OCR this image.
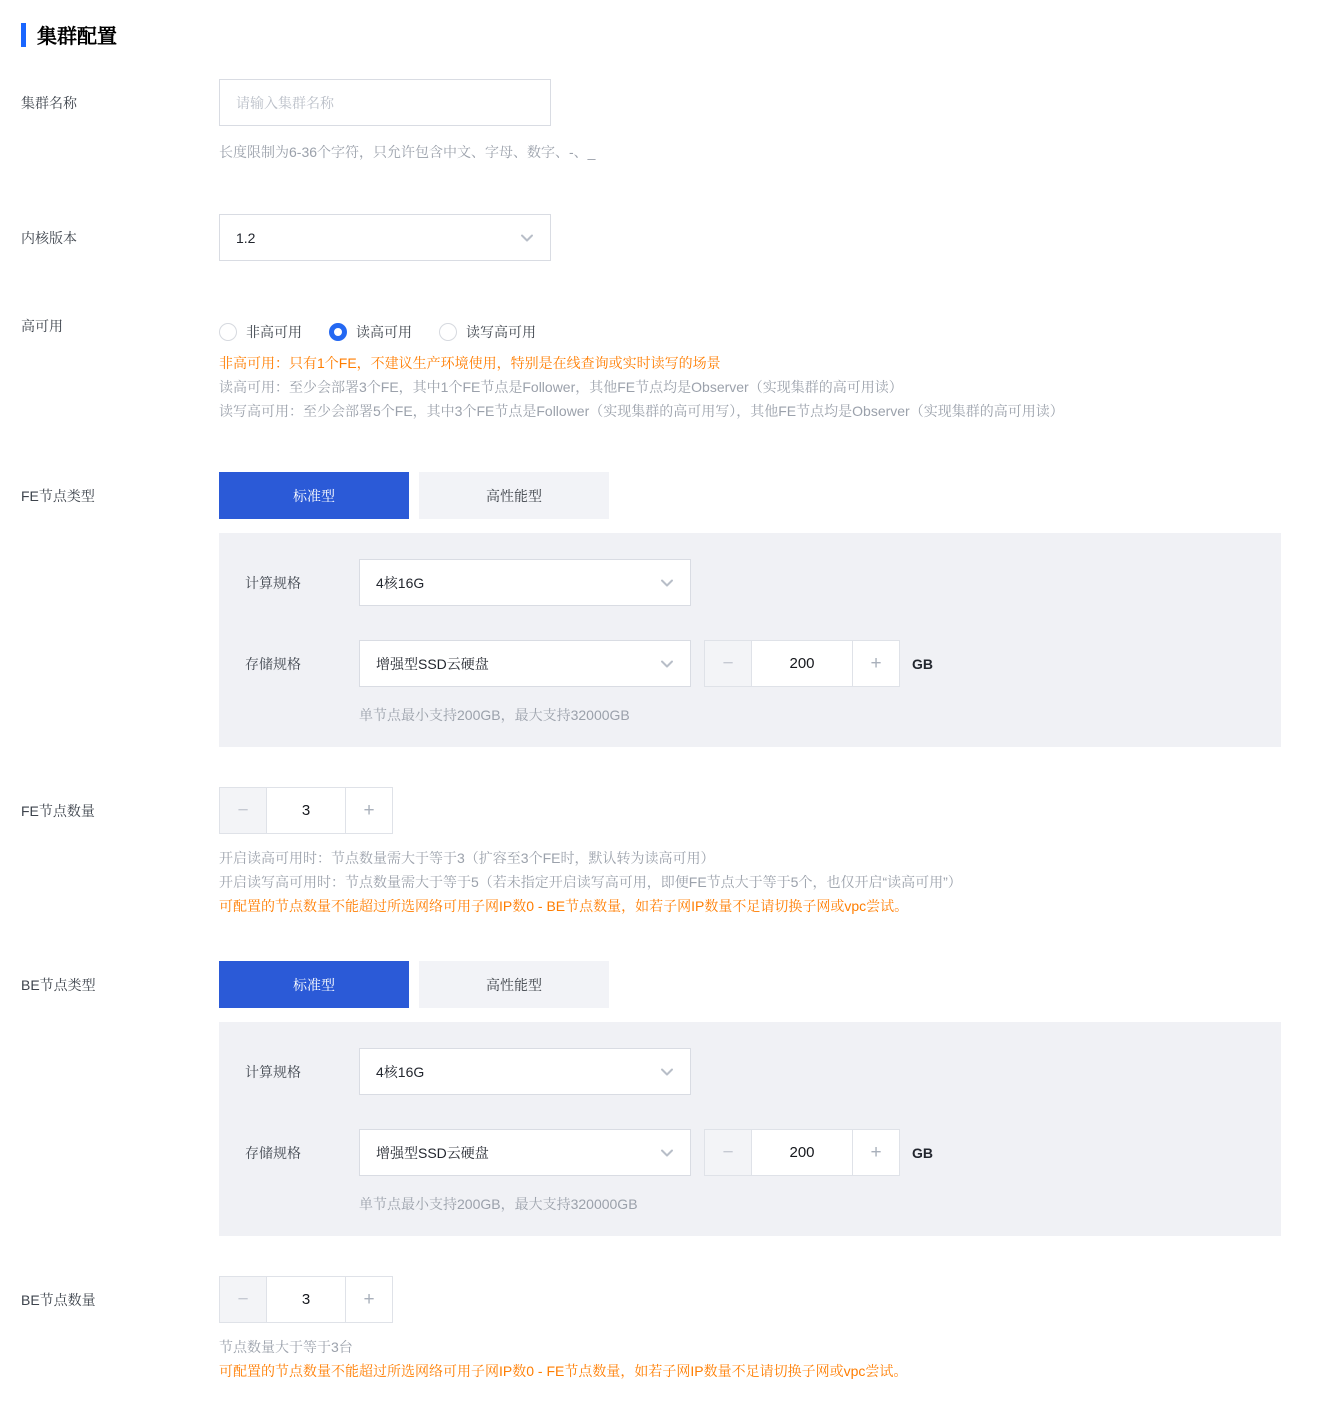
集群配置
集群名称
请输入集群名称
长度限制为6-36个字符，只允许包含中文、字母、数字、-、_
内核版本	1.2
高可用	非高可用	读高可用	读写高可用
非高可用：只有1个FE，不建议生产环境使用，特别是在线查询或实时读写的场景
读高可用：至少会部署3个FE，其中1个FE节点是Follower，其他FE节点均是Observer（实现集群的高可用读）
读写高可用：至少会部署5个FE，其中3个FE节点是Follower（实现集群的高可用写），其他FE节点均是Observer（实现集群的高可用读）
FE节点类型	标准型	高性能型
计算规格	4核16G
存储规格	增强型SSD云硬盘	−
200	+	GB
单节点最小支持200GB，最大支持32000GB
FE节点数量	−
3	+
开启读高可用时：节点数量需大于等于3（扩容至3个FE时，默认转为读高可用）
开启读写高可用时：节点数量需大于等于5（若未指定开启读写高可用，即便FE节点大于等于5个，也仅开启“读高可用”）
可配置的节点数量不能超过所选网络可用子网IP数0 - BE节点数量，如若子网IP数量不足请切换子网或vpc尝试。
BE节点类型	标准型	高性能型
计算规格	4核16G
存储规格	增强型SSD云硬盘	−
200	+	GB
单节点最小支持200GB，最大支持320000GB
BE节点数量	−
3	+
节点数量大于等于3台
可配置的节点数量不能超过所选网络可用子网IP数0 - FE节点数量，如若子网IP数量不足请切换子网或vpc尝试。
